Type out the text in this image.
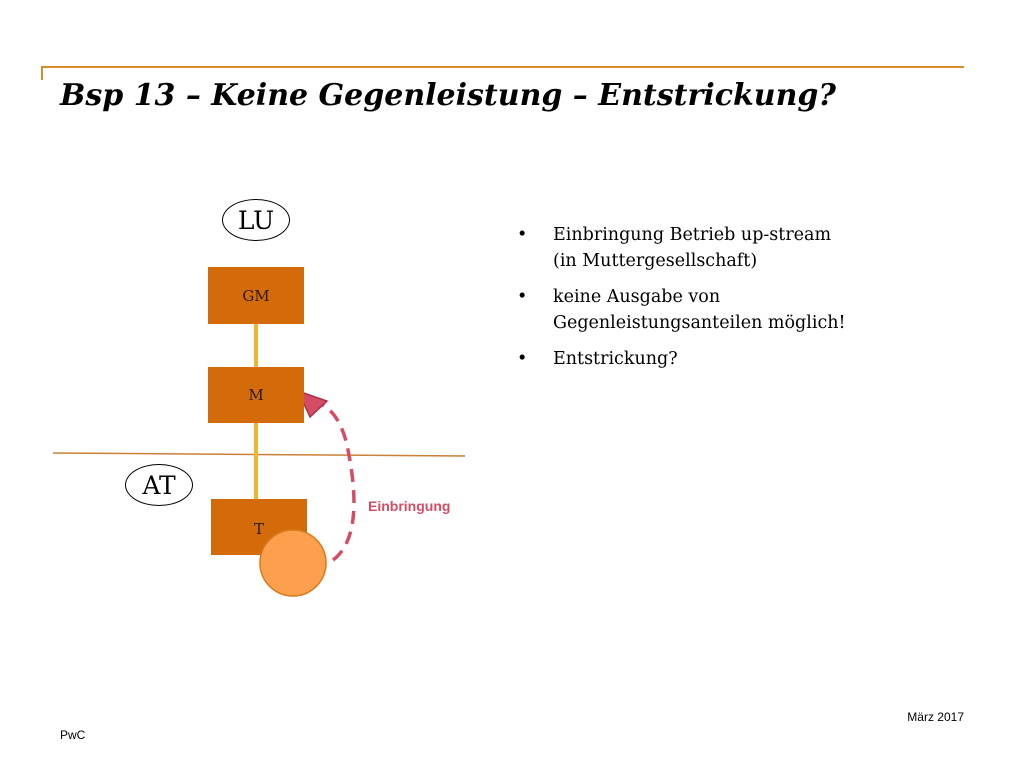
Bsp 13 – Keine Gegenleistung – Entstrickung?
LU
AT
GM
M
T
Einbringung
• Einbringung Betrieb up-stream
(in Muttergesellschaft)
• keine Ausgabe von
Gegenleistungsanteilen möglich!
• Entstrickung?
PwC
März 2017
